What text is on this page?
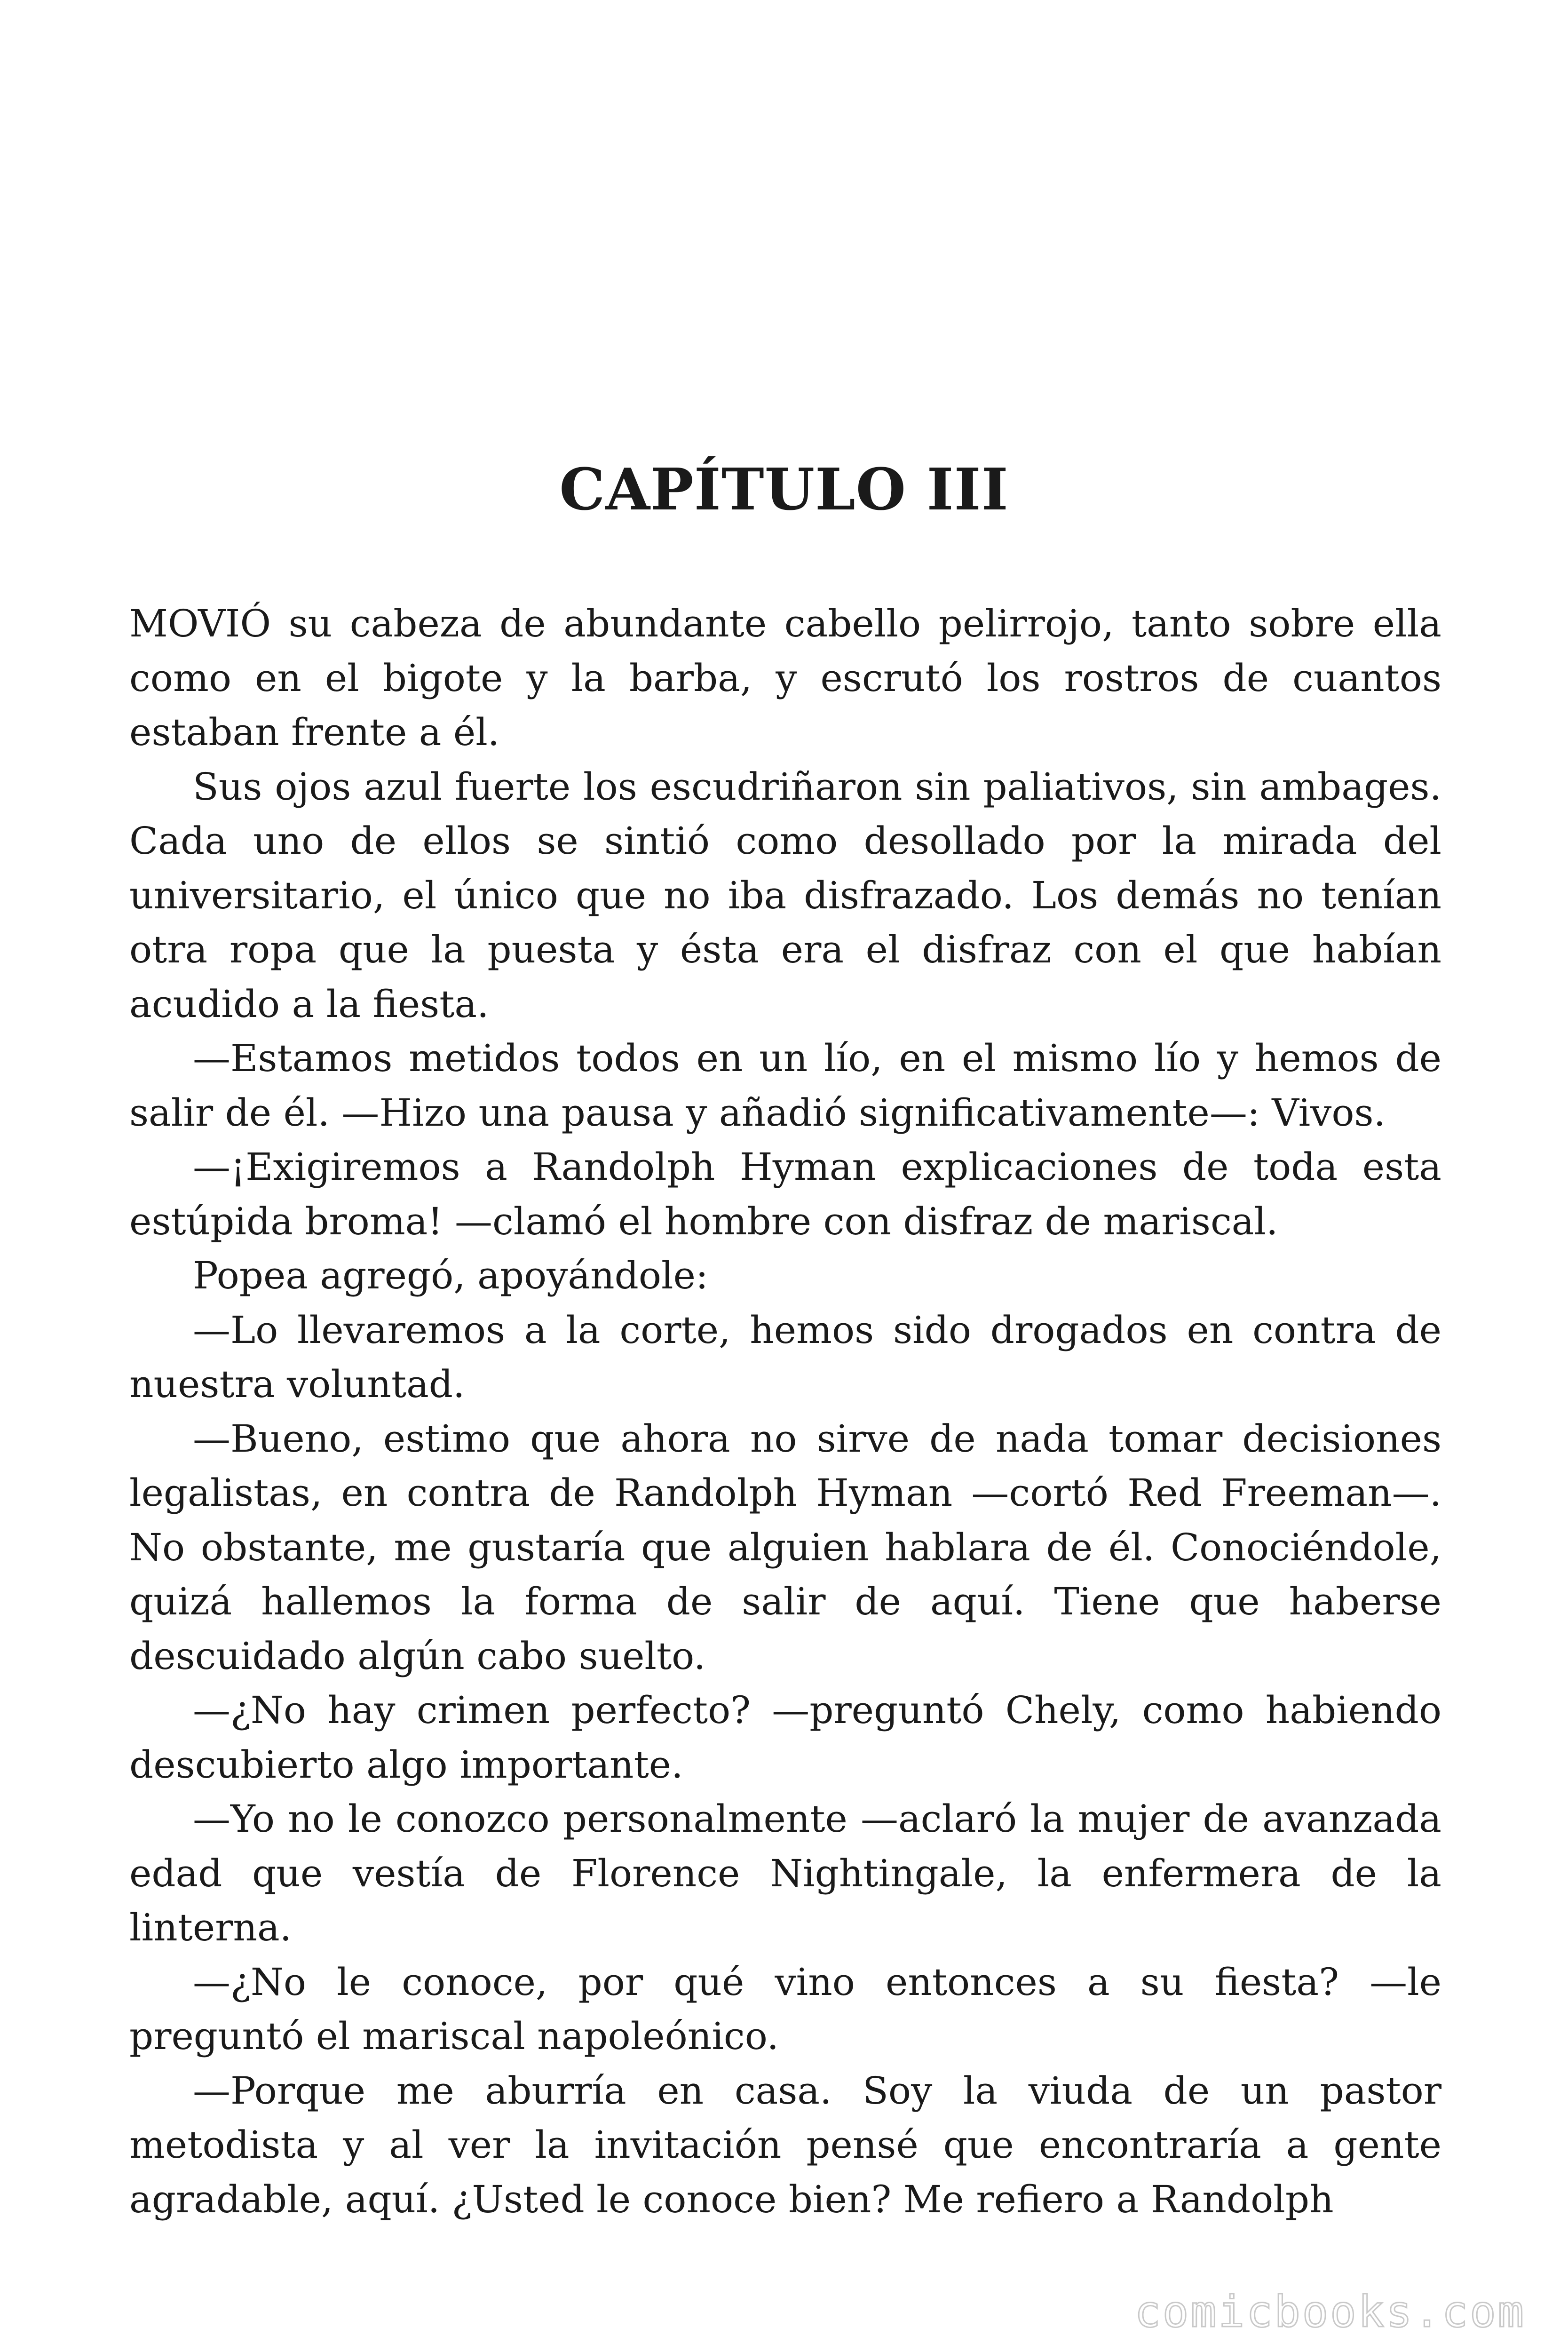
CAPÍTULO III

MOVIÓ su cabeza de abundante cabello pelirrojo, tanto sobre ella como en el bigote y la barba, y escrutó los rostros de cuantos estaban frente a él.

Sus ojos azul fuerte los escudriñaron sin paliativos, sin ambages. Cada uno de ellos se sintió como desollado por la mirada del universitario, el único que no iba disfrazado. Los demás no tenían otra ropa que la puesta y ésta era el disfraz con el que habían acudido a la fiesta.

—Estamos metidos todos en un lío, en el mismo lío y hemos de salir de él. —Hizo una pausa y añadió significativamente—: Vivos.

—¡Exigiremos a Randolph Hyman explicaciones de toda esta estúpida broma! —clamó el hombre con disfraz de mariscal.

Popea agregó, apoyándole:

—Lo llevaremos a la corte, hemos sido drogados en contra de nuestra voluntad.

—Bueno, estimo que ahora no sirve de nada tomar decisiones legalistas, en contra de Randolph Hyman —cortó Red Freeman—. No obstante, me gustaría que alguien hablara de él. Conociéndole, quizá hallemos la forma de salir de aquí. Tiene que haberse descuidado algún cabo suelto.

—¿No hay crimen perfecto? —preguntó Chely, como habiendo descubierto algo importante.

—Yo no le conozco personalmente —aclaró la mujer de avanzada edad que vestía de Florence Nightingale, la enfermera de la linterna.

—¿No le conoce, por qué vino entonces a su fiesta? —le preguntó el mariscal napoleónico.

—Porque me aburría en casa. Soy la viuda de un pastor metodista y al ver la invitación pensé que encontraría a gente agradable, aquí. ¿Usted le conoce bien? Me refiero a Randolph

comicbooks.com
